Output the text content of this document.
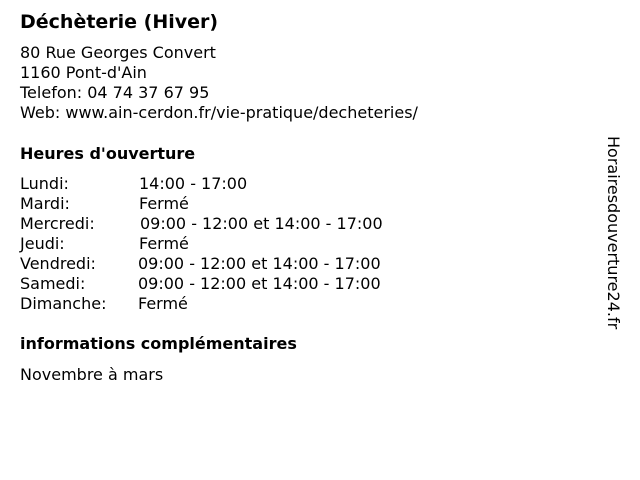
Déchèterie (Hiver)
80 Rue Georges Convert
1160 Pont-d'Ain
Telefon: 04 74 37 67 95
Web: www.ain-cerdon.fr/vie-pratique/decheteries/
Heures d'ouverture
Lundi:	14:00 - 17:00
Mardi:	Fermé
Mercredi:	09:00 - 12:00 et 14:00 - 17:00
Jeudi:	Fermé
Vendredi:	09:00 - 12:00 et 14:00 - 17:00
Samedi:	09:00 - 12:00 et 14:00 - 17:00
Dimanche: Fermé
informations complémentaires
Novembre à mars
Horairesdouverture24.fr
